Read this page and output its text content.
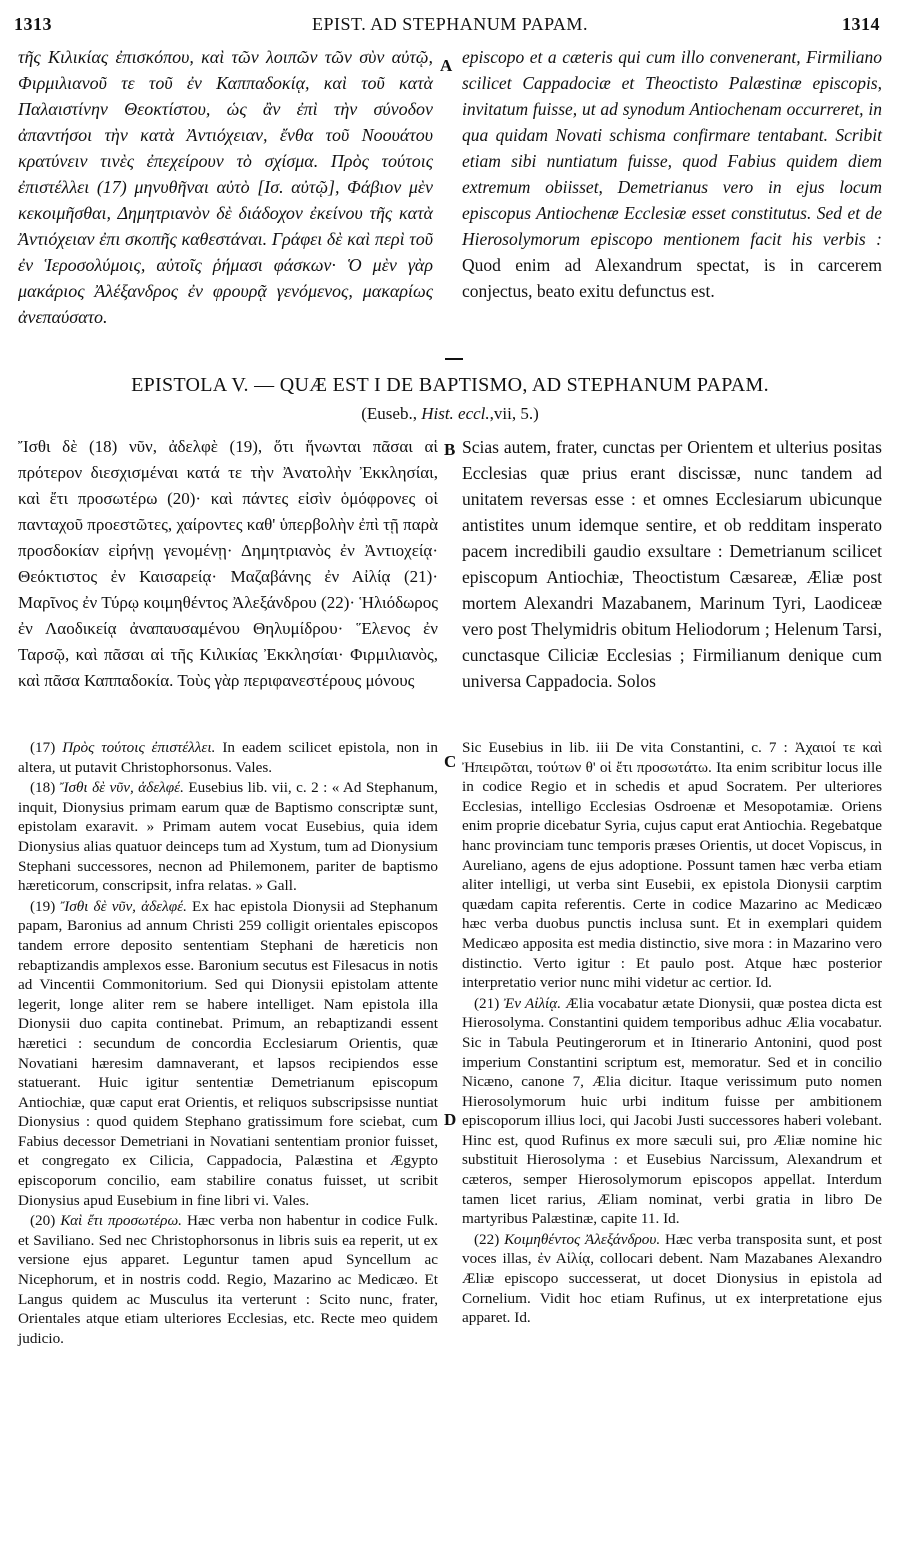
1313	EPIST. AD STEPHANUM PAPAM.	1314
τῆς Κιλικίας ἐπισκόπου, καὶ τῶν λοιπῶν τῶν σὺν αὐτῷ, Φιρμιλιανοῦ τε τοῦ ἐν Καππαδοκίᾳ, καὶ τοῦ κατὰ Παλαιστίνην Θεοκτίστου, ὡς ἂν ἐπὶ τὴν σύνοδον ἀπαντήσοι τὴν κατὰ Ἀντιόχειαν, ἔνθα τοῦ Νοουάτου κρατύνειν τινὲς ἐπεχείρουν τὸ σχίσμα. Πρὸς τούτοις ἐπιστέλλει (17) μηνυθῆναι αὐτὸ [Ισ. αὐτῷ], Φάβιον μὲν κεκοιμῆσθαι, Δημητριανὸν δὲ διάδοχον ἐκείνου τῆς κατὰ Ἀντιόχειαν ἐπι σκοπῆς καθεστάναι. Γράφει δὲ καὶ περὶ τοῦ ἐν Ἱεροσολύμοις, αὐτοῖς ῥήμασι φάσκων· Ὁ μὲν γὰρ μακάριος Ἀλέξανδρος ἐν φρουρᾷ γενόμενος, μακαρίως ἀνεπαύσατο.
A episcopo et a cæteris qui cum illo convenerant, Firmiliano scilicet Cappadociæ et Theoctisto Palæstinæ episcopis, invitatum fuisse, ut ad synodum Antiochenam occurreret, in qua quidam Novati schisma confirmare tentabant. Scribit etiam sibi nuntiatum fuisse, quod Fabius quidem diem extremum obiisset, Demetrianus vero in ejus locum episcopus Antiochenæ Ecclesiæ esset constitutus. Sed et de Hierosolymorum episcopo mentionem facit his verbis : Quod enim ad Alexandrum spectat, is in carcerem conjectus, beato exitu defunctus est.
EPISTOLA V. — QUÆ EST I DE BAPTISMO, AD STEPHANUM PAPAM.
(Euseb., Hist. eccl.,vii, 5.)
Ἴσθι δὲ (18) νῦν, ἀδελφὲ (19), ὅτι ἥνωνται πᾶσαι αἱ πρότερον διεσχισμέναι κατά τε τὴν Ἀνατολὴν Ἐκκλησίαι, καὶ ἔτι προσωτέρω (20)· καὶ πάντες εἰσὶν ὁμόφρονες οἱ πανταχοῦ προεστῶτες, χαίροντες καθ' ὑπερβολὴν ἐπὶ τῇ παρὰ προσδοκίαν εἰρήνῃ γενομένῃ· Δημητριανὸς ἐν Ἀντιοχείᾳ· Θεόκτιστος ἐν Καισαρείᾳ· Μαζαβάνης ἐν Αἰλίᾳ (21)· Μαρῖνος ἐν Τύρῳ κοιμηθέντος Ἀλεξάνδρου (22)· Ἡλιόδωρος ἐν Λαοδικείᾳ ἀναπαυσαμένου Θηλυμίδρου· Ἕλενος ἐν Ταρσῷ, καὶ πᾶσαι αἱ τῆς Κιλικίας Ἐκκλησίαι· Φιρμιλιανὸς, καὶ πᾶσα Καππαδοκία. Τοὺς γὰρ περιφανεστέρους μόνους
B Scias autem, frater, cunctas per Orientem et ulterius positas Ecclesias quæ prius erant discissæ, nunc tandem ad unitatem reversas esse : et omnes Ecclesiarum ubicunque antistites unum idemque sentire, et ob redditam insperato pacem incredibili gaudio exsultare : Demetrianum scilicet episcopum Antiochiæ, Theoctistum Cæsareæ, Æliæ post mortem Alexandri Mazabanem, Marinum Tyri, Laodiceæ vero post Thelymidris obitum Heliodorum ; Helenum Tarsi, cunctasque Ciliciæ Ecclesias ; Firmilianum denique cum universa Cappadocia. Solos

(17) Πρὸς τούτοις ἐπιστέλλει. In eadem scilicet epistola, non in altera, ut putavit Christophorsonus. Vales.

(18) Ἴσθι δὲ νῦν, ἀδελφέ. Eusebius lib. vii, c. 2 : « Ad Stephanum, inquit, Dionysius primam earum quæ de Baptismo conscriptæ sunt, epistolam exaravit. » Primam autem vocat Eusebius, quia idem Dionysius alias quatuor deinceps tum ad Xystum, tum ad Dionysium Stephani successores, necnon ad Philemonem, pariter de baptismo hæreticorum, conscripsit, infra relatas. » Gall.

(19) Ἴσθι δὲ νῦν, ἀδελφέ. Ex hac epistola Dionysii ad Stephanum papam, Baronius ad annum Christi 259 colligit orientales episcopos tandem errore deposito sententiam Stephani de hæreticis non rebaptizandis amplexos esse. Baronium secutus est Filesacus in notis ad Vincentii Commonitorium. Sed qui Dionysii epistolam attente legerit, longe aliter rem se habere intelliget. Nam epistola illa Dionysii duo capita continebat. Primum, an rebaptizandi essent hæretici : secundum de concordia Ecclesiarum Orientis, quæ Novatiani hæresim damnaverant, et lapsos recipiendos esse statuerant. Huic igitur sententiæ Demetrianum episcopum Antiochiæ, quæ caput erat Orientis, et reliquos subscripsisse nuntiat Dionysius : quod quidem Stephano gratissimum fore sciebat, cum Fabius decessor Demetriani in Novatiani sententiam pronior fuisset, et congregato ex Cilicia, Cappadocia, Palæstina et Ægypto episcoporum concilio, eam stabilire conatus fuisset, ut scribit Dionysius apud Eusebium in fine libri vi. Vales.

(20) Καὶ ἔτι προσωτέρω. Hæc verba non habentur in codice Fulk. et Saviliano. Sed nec Christophorsonus in libris suis ea reperit, ut ex versione ejus apparet. Leguntur tamen apud Syncellum ac Nicephorum, et in nostris codd. Regio, Mazarino ac Medicæo. Et Langus quidem ac Musculus ita verterunt : Scito nunc, frater, Orientales atque etiam ulteriores Ecclesias, etc. Recte meo quidem judicio.

C
D

Sic Eusebius in lib. iii De vita Constantini, c. 7 : Ἀχαιοί τε καὶ Ἠπειρῶται, τούτων θ' οἱ ἔτι προσωτάτω. Ita enim scribitur locus ille in codice Regio et in schedis et apud Socratem. Per ulteriores Ecclesias, intelligo Ecclesias Osdroenæ et Mesopotamiæ. Oriens enim proprie dicebatur Syria, cujus caput erat Antiochia. Regebatque hanc provinciam tunc temporis præses Orientis, ut docet Vopiscus, in Aureliano, agens de ejus adoptione. Possunt tamen hæc verba etiam aliter intelligi, ut verba sint Eusebii, ex epistola Dionysii carptim quædam capita referentis. Certe in codice Mazarino ac Medicæo hæc verba duobus punctis inclusa sunt. Et in exemplari quidem Medicæo apposita est media distinctio, sive mora : in Mazarino vero distinctio. Verto igitur : Et paulo post. Atque hæc posterior interpretatio verior nunc mihi videtur ac certior. Id.

(21) Ἐν Αἰλίᾳ. Ælia vocabatur ætate Dionysii, quæ postea dicta est Hierosolyma. Constantini quidem temporibus adhuc Ælia vocabatur. Sic in Tabula Peutingerorum et in Itinerario Antonini, quod post imperium Constantini scriptum est, memoratur. Sed et in concilio Nicæno, canone 7, Ælia dicitur. Itaque verissimum puto nomen Hierosolymorum huic urbi inditum fuisse per ambitionem episcoporum illius loci, qui Jacobi Justi successores haberi volebant. Hinc est, quod Rufinus ex more sæculi sui, pro Æliæ nomine hic substituit Hierosolyma : et Eusebius Narcissum, Alexandrum et cæteros, semper Hierosolymorum episcopos appellat. Interdum tamen licet rarius, Æliam nominat, verbi gratia in libro De martyribus Palæstinæ, capite 11. Id.

(22) Κοιμηθέντος Ἀλεξάνδρου. Hæc verba transposita sunt, et post voces illas, ἐν Αἰλίᾳ, collocari debent. Nam Mazabanes Alexandro Æliæ episcopo successerat, ut docet Dionysius in epistola ad Cornelium. Vidit hoc etiam Rufinus, ut ex interpretatione ejus apparet. Id.
